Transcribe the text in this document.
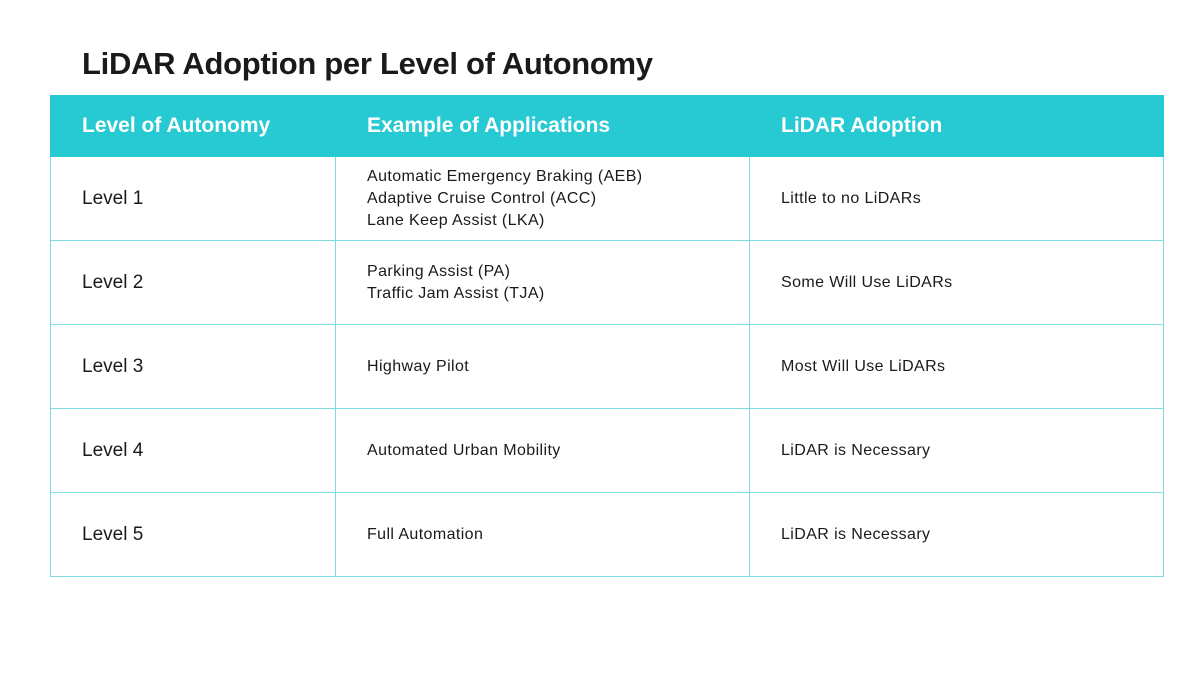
LiDAR Adoption per Level of Autonomy
Level of Autonomy	Example of Applications	LiDAR Adoption
Level 1	Automatic Emergency Braking (AEB)
Adaptive Cruise Control (ACC)
Lane Keep Assist (LKA)	Little to no LiDARs
Level 2	Parking Assist (PA)
Traffic Jam Assist (TJA)	Some Will Use LiDARs
Level 3	Highway Pilot	Most Will Use LiDARs
Level 4	Automated Urban Mobility	LiDAR is Necessary
Level 5	Full Automation	LiDAR is Necessary
